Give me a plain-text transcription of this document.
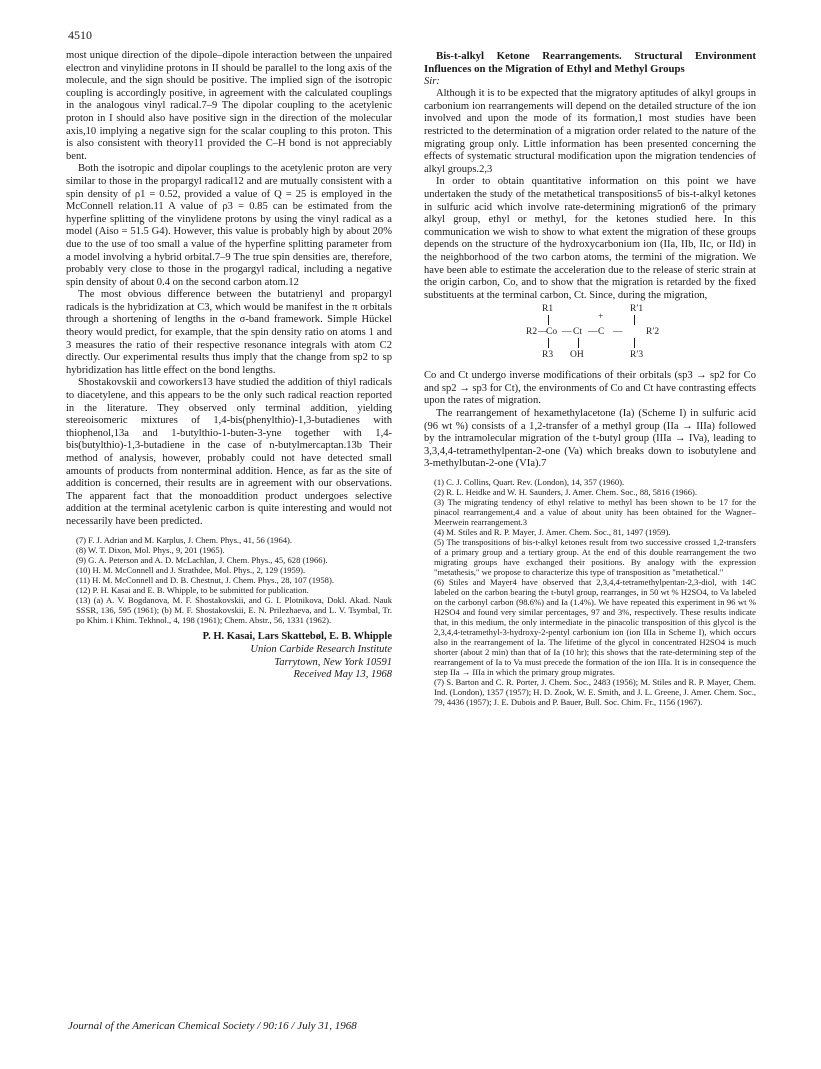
4510

most unique direction of the dipole–dipole interaction between the unpaired electron and vinylidine protons in II should be parallel to the long axis of the molecule, and the sign should be positive. The implied sign of the isotropic coupling is accordingly positive, in agreement with the calculated couplings in the analogous vinyl radical.7–9 The dipolar coupling to the acetylenic proton in I should also have positive sign in the direction of the molecular axis,10 implying a negative sign for the scalar coupling to this proton. This is also consistent with theory11 provided the C–H bond is not appreciably bent.

Both the isotropic and dipolar couplings to the acetylenic proton are very similar to those in the propargyl radical12 and are mutually consistent with a spin density of ρ1 = 0.52, provided a value of Q = 25 is employed in the McConnell relation.11 A value of ρ3 = 0.85 can be estimated from the hyperfine splitting of the vinylidene protons by using the vinyl radical as a model (Aiso = 51.5 G4). However, this value is probably high by about 20% due to the use of too small a value of the hyperfine splitting parameter from a model involving a hybrid orbital.7–9 The true spin densities are, therefore, probably very close to those in the progargyl radical, including a negative spin density of about 0.4 on the second carbon atom.12

The most obvious difference between the butatrienyl and propargyl radicals is the hybridization at C3, which would be manifest in the π orbitals through a shortening of lengths in the σ-band framework. Simple Hückel theory would predict, for example, that the spin density ratio on atoms 1 and 3 measures the ratio of their respective resonance integrals with atom C2 directly. Our experimental results thus imply that the change from sp2 to sp hybridization has little effect on the bond lengths.

Shostakovskii and coworkers13 have studied the addition of thiyl radicals to diacetylene, and this appears to be the only such radical reaction reported in the literature. They observed only terminal addition, yielding stereoisomeric mixtures of 1,4-bis(phenylthio)-1,3-butadienes with thiophenol,13a and 1-butylthio-1-buten-3-yne together with 1,4-bis(butylthio)-1,3-butadiene in the case of n-butylmercaptan.13b Their method of analysis, however, probably could not have detected small amounts of products from nonterminal addition. Hence, as far as the site of addition is concerned, their results are in agreement with our observations. The apparent fact that the monoaddition product undergoes selective addition at the terminal acetylenic carbon is quite interesting and would not necessarily have been predicted.

(7) F. J. Adrian and M. Karplus, J. Chem. Phys., 41, 56 (1964).

(8) W. T. Dixon, Mol. Phys., 9, 201 (1965).

(9) G. A. Peterson and A. D. McLachlan, J. Chem. Phys., 45, 628 (1966).

(10) H. M. McConnell and J. Strathdee, Mol. Phys., 2, 129 (1959).

(11) H. M. McConnell and D. B. Chestnut, J. Chem. Phys., 28, 107 (1958).

(12) P. H. Kasai and E. B. Whipple, to be submitted for publication.

(13) (a) A. V. Bogdanova, M. F. Shostakovskii, and G. I. Plotnikova, Dokl. Akad. Nauk SSSR, 136, 595 (1961); (b) M. F. Shostakovskii, E. N. Prilezhaeva, and L. V. Tsymbal, Tr. po Khim. i Khim. Tekhnol., 4, 198 (1961); Chem. Abstr., 56, 1331 (1962).

P. H. Kasai, Lars Skattebøl, E. B. Whipple
Union Carbide Research Institute
Tarrytown, New York 10591
Received May 13, 1968

Bis-t-alkyl Ketone Rearrangements. Structural Environment Influences on the Migration of Ethyl and Methyl Groups

Sir:

Although it is to be expected that the migratory aptitudes of alkyl groups in carbonium ion rearrangements will depend on the detailed structure of the ion involved and upon the mode of its formation,1 most studies have been restricted to the determination of a migration order related to the nature of the migrating group only. Little information has been presented concerning the effects of systematic structural modification upon the migration tendencies of alkyl groups.2,3

In order to obtain quantitative information on this point we have undertaken the study of the metathetical transpositions5 of bis-t-alkyl ketones in sulfuric acid which involve rate-determining migration6 of the primary alkyl group, ethyl or methyl, for the ketones studied here. In this communication we wish to show to what extent the migration of these groups depends on the structure of the hydroxycarbonium ion (IIa, IIb, IIc, or IId) in the neighborhood of the two carbon atoms, the termini of the migration. We have been able to estimate the acceleration due to the release of steric strain at the origin carbon, Co, and to show that the migration is retarded by the fixed substituents at the terminal carbon, Ct. Since, during the migration,

R1	R′1
+
R2 —
Co — Ct — C — R′2
R3 OH	R′3

Co and Ct undergo inverse modifications of their orbitals (sp3 → sp2 for Co and sp2 → sp3 for Ct), the environments of Co and Ct have contrasting effects upon the rates of migration.

The rearrangement of hexamethylacetone (Ia) (Scheme I) in sulfuric acid (96 wt %) consists of a 1,2-transfer of a methyl group (IIa → IIIa) followed by the intramolecular migration of the t-butyl group (IIIa → IVa), leading to 3,3,4,4-tetramethylpentan-2-one (Va) which breaks down to isobutylene and 3-methylbutan-2-one (VIa).7

(1) C. J. Collins, Quart. Rev. (London), 14, 357 (1960).

(2) R. L. Heidke and W. H. Saunders, J. Amer. Chem. Soc., 88, 5816 (1966).

(3) The migrating tendency of ethyl relative to methyl has been shown to be 17 for the pinacol rearrangement,4 and a value of about unity has been obtained for the Wagner–Meerwein rearrangement.3

(4) M. Stiles and R. P. Mayer, J. Amer. Chem. Soc., 81, 1497 (1959).

(5) The transpositions of bis-t-alkyl ketones result from two successive crossed 1,2-transfers of a primary group and a tertiary group. At the end of this double rearrangement the two migrating groups have exchanged their positions. By analogy with the expression "metathesis," we propose to characterize this type of transposition as "metathetical."

(6) Stiles and Mayer4 have observed that 2,3,4,4-tetramethylpentan-2,3-diol, with 14C labeled on the carbon bearing the t-butyl group, rearranges, in 50 wt % H2SO4, to Va labeled on the carbonyl carbon (98.6%) and Ia (1.4%). We have repeated this experiment in 96 wt % H2SO4 and found very similar percentages, 97 and 3%, respectively. These results indicate that, in this medium, the only intermediate in the pinacolic transposition of this glycol is the 2,3,4,4-tetramethyl-3-hydroxy-2-pentyl carbonium ion (ion IIIa in Scheme I), which occurs also in the rearrangement of Ia. The lifetime of the glycol in concentrated H2SO4 is much shorter (about 2 min) than that of Ia (10 hr); this shows that the rate-determining step of the rearrangement of Ia to Va must precede the formation of the ion IIIa. It is in consequence the step IIa → IIIa in which the primary group migrates.

(7) S. Barton and C. R. Porter, J. Chem. Soc., 2483 (1956); M. Stiles and R. P. Mayer, Chem. Ind. (London), 1357 (1957); H. D. Zook, W. E. Smith, and J. L. Greene, J. Amer. Chem. Soc., 79, 4436 (1957); J. E. Dubois and P. Bauer, Bull. Soc. Chim. Fr., 1156 (1967).

Journal of the American Chemical Society / 90:16 / July 31, 1968
